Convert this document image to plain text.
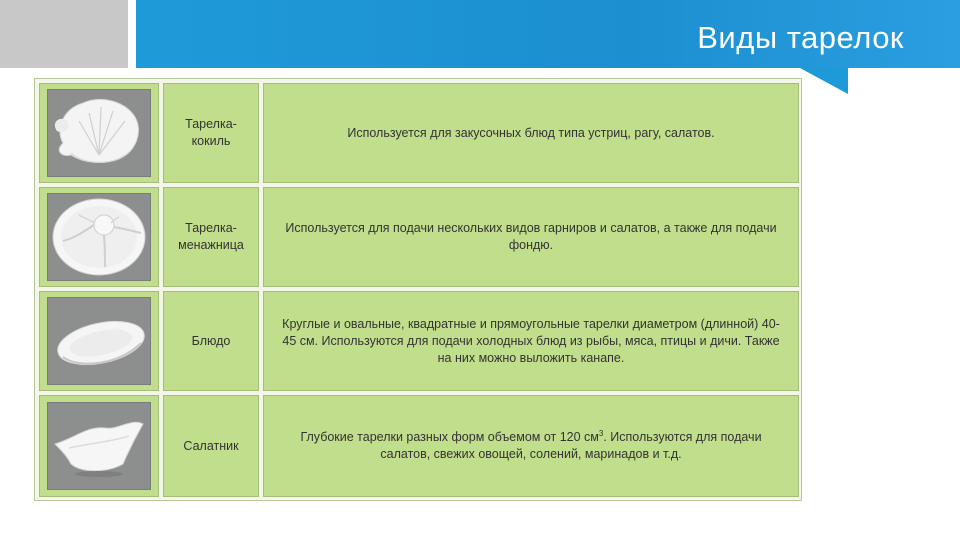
Виды тарелок
Тарелка-
кокиль
Используется для закусочных блюд типа устриц, рагу, салатов.
Тарелка-
менажница
Используется для подачи нескольких видов гарниров и салатов, а также для подачи фондю.
Блюдо
Круглые и овальные, квадратные и прямоугольные тарелки диаметром (длинной) 40-45 см. Используются для подачи холодных блюд из рыбы, мяса, птицы и дичи. Также на них можно выложить канапе.
Салатник
Глубокие тарелки разных форм объемом от 120 $см^3$. Используются для подачи салатов, свежих овощей, солений, маринадов и т.д.
